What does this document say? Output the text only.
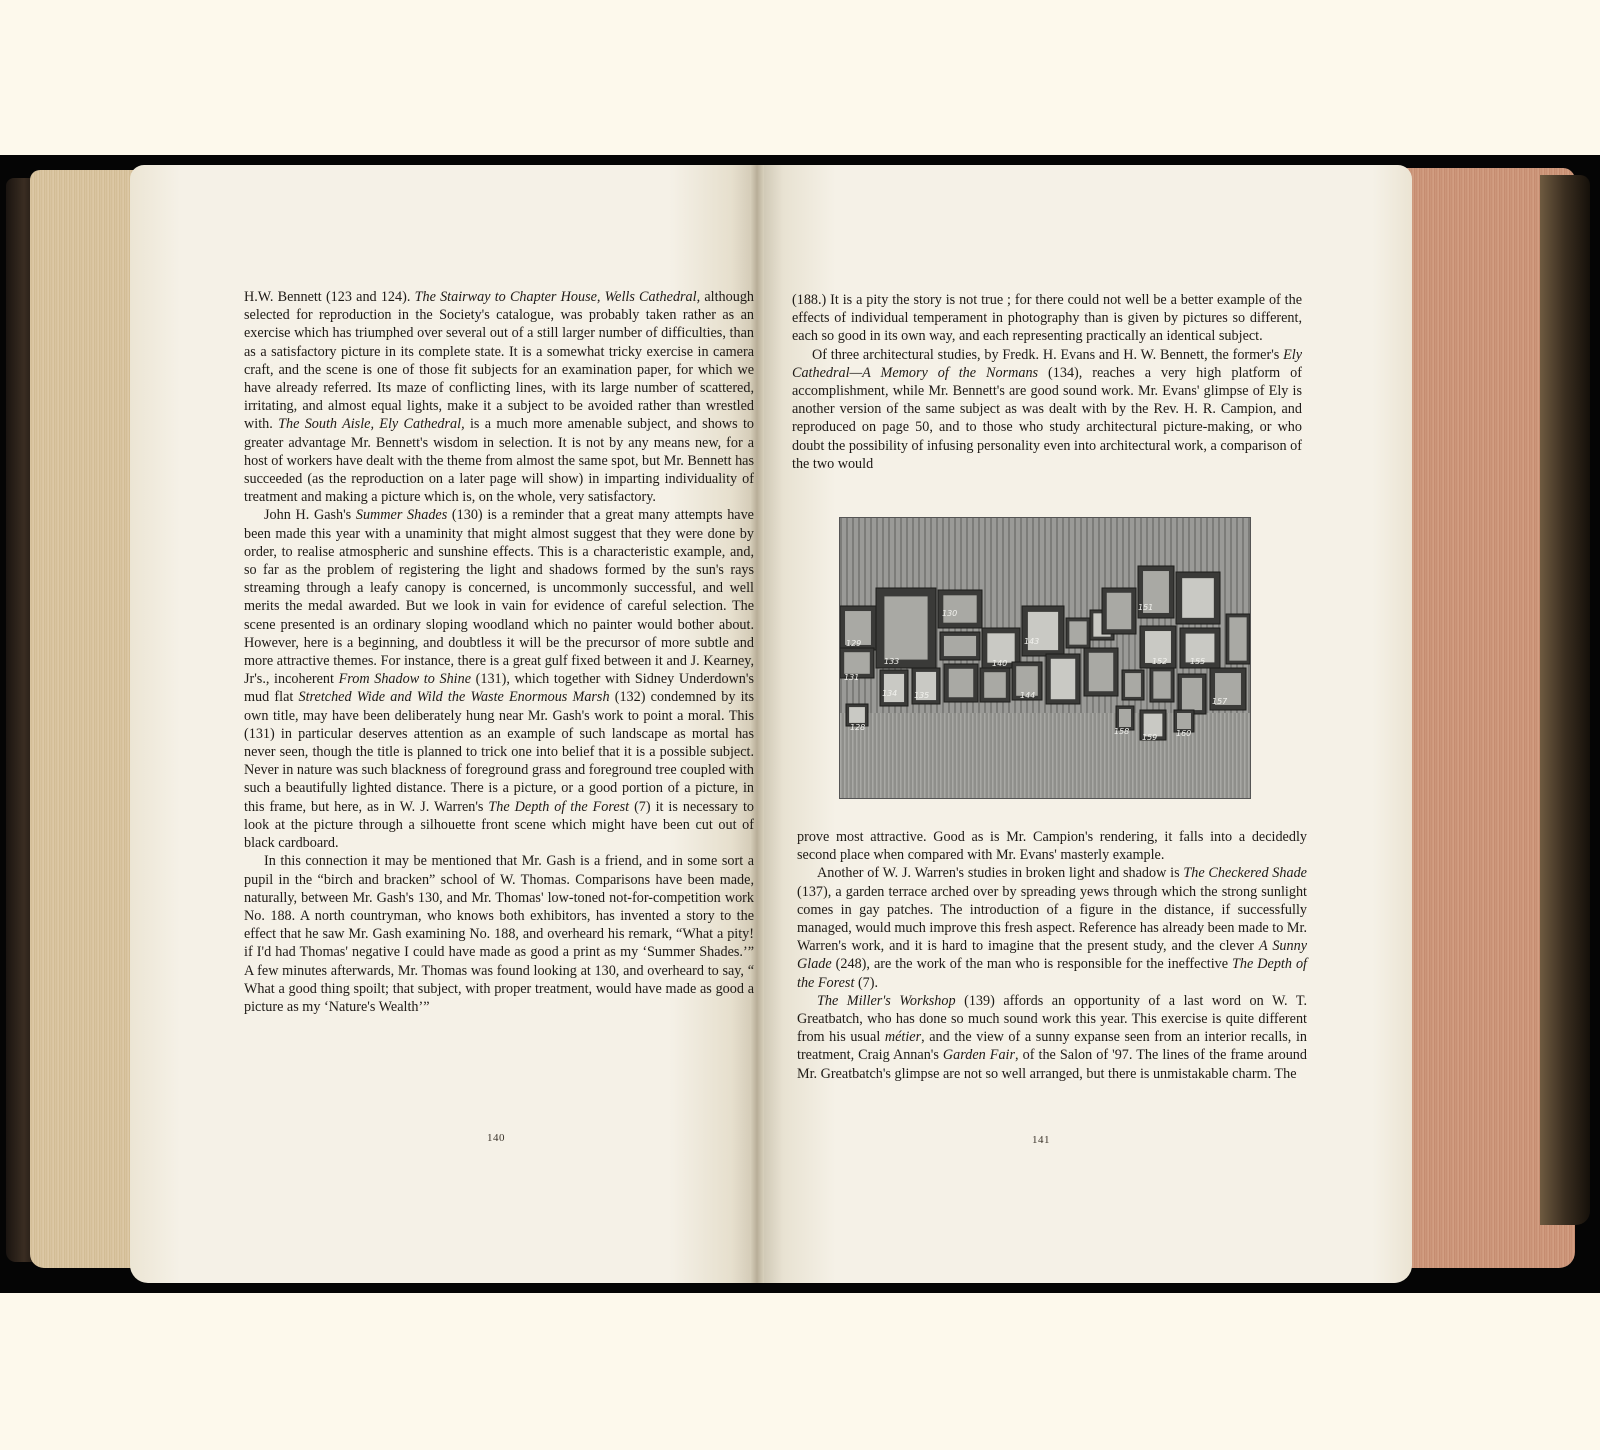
H.W. Bennett (123 and 124). The Stairway to Chapter House, Wells Cathedral, although selected for reproduction in the Society's catalogue, was probably taken rather as an exercise which has triumphed over several out of a still larger number of difficulties, than as a satisfactory picture in its complete state. It is a somewhat tricky exercise in camera craft, and the scene is one of those fit subjects for an examination paper, for which we have already referred. Its maze of conflicting lines, with its large number of scattered, irritating, and almost equal lights, make it a subject to be avoided rather than wrestled with. The South Aisle, Ely Cathedral, is a much more amenable subject, and shows to greater advantage Mr. Bennett's wisdom in selection. It is not by any means new, for a host of workers have dealt with the theme from almost the same spot, but Mr. Bennett has succeeded (as the reproduction on a later page will show) in imparting individuality of treatment and making a picture which is, on the whole, very satisfactory.

John H. Gash's Summer Shades (130) is a reminder that a great many attempts have been made this year with a unaminity that might almost suggest that they were done by order, to realise atmospheric and sunshine effects. This is a characteristic example, and, so far as the problem of registering the light and shadows formed by the sun's rays streaming through a leafy canopy is concerned, is uncommonly successful, and well merits the medal awarded. But we look in vain for evidence of careful selection. The scene presented is an ordinary sloping woodland which no painter would bother about. However, here is a beginning, and doubtless it will be the precursor of more subtle and more attractive themes. For instance, there is a great gulf fixed between it and J. Kearney, Jr's., incoherent From Shadow to Shine (131), which together with Sidney Underdown's mud flat Stretched Wide and Wild the Waste Enormous Marsh (132) condemned by its own title, may have been deliberately hung near Mr. Gash's work to point a moral. This (131) in particular deserves attention as an example of such landscape as mortal has never seen, though the title is planned to trick one into belief that it is a possible subject. Never in nature was such blackness of foreground grass and foreground tree coupled with such a beautifully lighted distance. There is a picture, or a good portion of a picture, in this frame, but here, as in W. J. Warren's The Depth of the Forest (7) it is necessary to look at the picture through a silhouette front scene which might have been cut out of black cardboard.

In this connection it may be mentioned that Mr. Gash is a friend, and in some sort a pupil in the “birch and bracken” school of W. Thomas. Comparisons have been made, naturally, between Mr. Gash's 130, and Mr. Thomas' low-toned not-for-competition work No. 188. A north countryman, who knows both exhibitors, has invented a story to the effect that he saw Mr. Gash examining No. 188, and overheard his remark, “What a pity! if I'd had Thomas' negative I could have made as good a print as my ‘Summer Shades.’” A few minutes afterwards, Mr. Thomas was found looking at 130, and overheard to say, “ What a good thing spoilt; that subject, with proper treatment, would have made as good a picture as my ‘Nature's Wealth’”

140

(188.) It is a pity the story is not true ; for there could not well be a better example of the effects of individual temperament in photography than is given by pictures so different, each so good in its own way, and each representing practically an identical subject.

Of three architectural studies, by Fredk. H. Evans and H. W. Bennett, the former's Ely Cathedral—A Memory of the Normans (134), reaches a very high platform of accomplishment, while Mr. Bennett's are good sound work. Mr. Evans' glimpse of Ely is another version of the same subject as was dealt with by the Rev. H. R. Campion, and reproduced on page 50, and to those who study architectural picture-making, or who doubt the possibility of infusing personality even into architectural work, a comparison of the two would

129
133
130
140
143
151
152	155
131
134 135	144
157
128	158
159 160

prove most attractive. Good as is Mr. Campion's rendering, it falls into a decidedly second place when compared with Mr. Evans' masterly example.

Another of W. J. Warren's studies in broken light and shadow is The Checkered Shade (137), a garden terrace arched over by spreading yews through which the strong sunlight comes in gay patches. The introduction of a figure in the distance, if successfully managed, would much improve this fresh aspect. Reference has already been made to Mr. Warren's work, and it is hard to imagine that the present study, and the clever A Sunny Glade (248), are the work of the man who is responsible for the ineffective The Depth of the Forest (7).

The Miller's Workshop (139) affords an opportunity of a last word on W. T. Greatbatch, who has done so much sound work this year. This exercise is quite different from his usual métier, and the view of a sunny expanse seen from an interior recalls, in treatment, Craig Annan's Garden Fair, of the Salon of '97. The lines of the frame around Mr. Greatbatch's glimpse are not so well arranged, but there is unmistakable charm. The

141
